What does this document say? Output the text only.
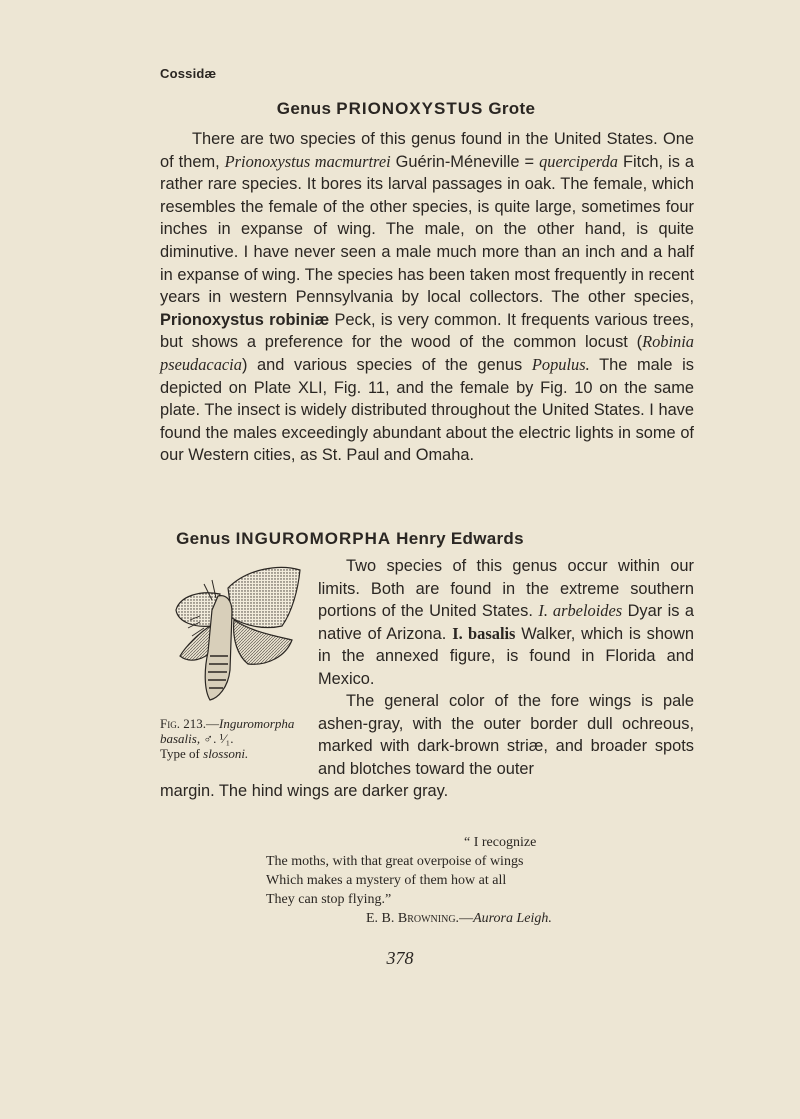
Cossidæ
Genus PRIONOXYSTUS Grote
There are two species of this genus found in the United States. One of them, Prionoxystus macmurtrei Guérin-Méneville = querciperda Fitch, is a rather rare species. It bores its larval passages in oak. The female, which resembles the female of the other species, is quite large, sometimes four inches in expanse of wing. The male, on the other hand, is quite diminutive. I have never seen a male much more than an inch and a half in expanse of wing. The species has been taken most frequently in recent years in western Pennsylvania by local collectors. The other species, Prionoxystus robiniæ Peck, is very common. It frequents various trees, but shows a preference for the wood of the common locust (Robinia pseudacacia) and various species of the genus Populus. The male is depicted on Plate XLI, Fig. 11, and the female by Fig. 10 on the same plate. The insect is widely distributed throughout the United States. I have found the males exceedingly abundant about the electric lights in some of our Western cities, as St. Paul and Omaha.
Genus INGUROMORPHA Henry Edwards
Two species of this genus occur within our limits. Both are found in the extreme southern portions of the United States. I. arbeloides Dyar is a native of Arizona. I. basalis Walker, which is shown in the annexed figure, is found in Florida and Mexico.
The general color of the fore wings is pale ashen-gray, with the outer border dull ochreous, marked with dark-brown striæ, and broader spots and blotches toward the outer
margin. The hind wings are darker gray.
Fig. 213.—Inguromorpha basalis, ♂. ¹⁄₁.
Type of slossoni.
“ I recognize
The moths, with that great overpoise of wings
Which makes a mystery of them how at all
They can stop flying.”
E. B. Browning.—Aurora Leigh.
378
